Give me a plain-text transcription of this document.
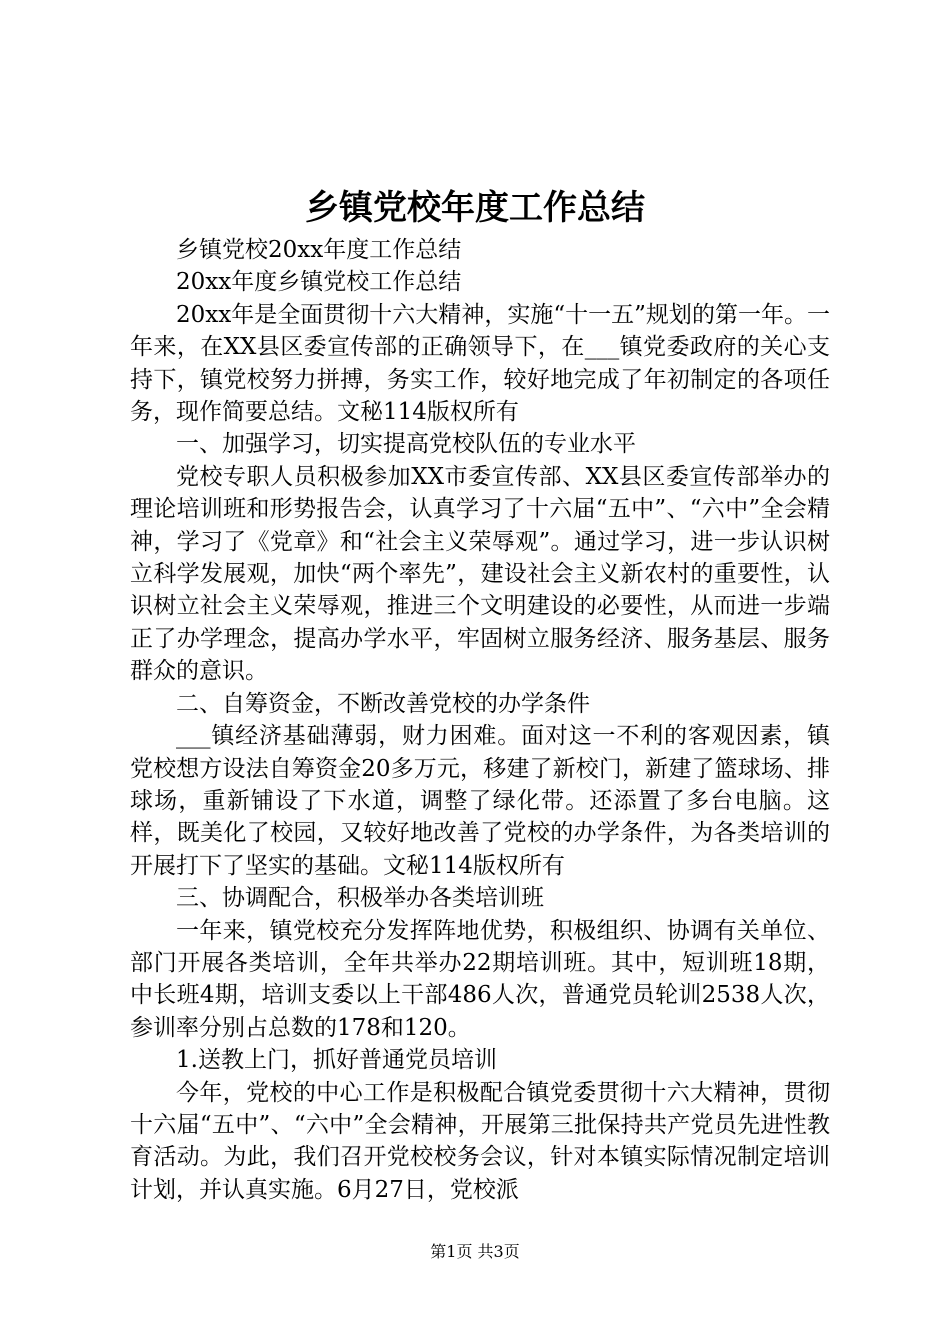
乡镇党校年度工作总结

乡镇党校20xx年度工作总结

20xx年度乡镇党校工作总结

20xx年是全面贯彻十六大精神，实施“十一五”规划的第一年。一年来，在XX县区委宣传部的正确领导下，在___镇党委政府的关心支持下，镇党校努力拼搏，务实工作，较好地完成了年初制定的各项任务，现作简要总结。文秘114版权所有

一、加强学习，切实提高党校队伍的专业水平

党校专职人员积极参加XX市委宣传部、XX县区委宣传部举办的理论培训班和形势报告会，认真学习了十六届“五中”、“六中”全会精神，学习了《党章》和“社会主义荣辱观”。通过学习，进一步认识树立科学发展观，加快“两个率先”，建设社会主义新农村的重要性，认识树立社会主义荣辱观，推进三个文明建设的必要性，从而进一步端正了办学理念，提高办学水平，牢固树立服务经济、服务基层、服务群众的意识。

二、自筹资金，不断改善党校的办学条件

___镇经济基础薄弱，财力困难。面对这一不利的客观因素，镇党校想方设法自筹资金20多万元，移建了新校门，新建了篮球场、排球场，重新铺设了下水道，调整了绿化带。还添置了多台电脑。这样，既美化了校园，又较好地改善了党校的办学条件，为各类培训的开展打下了坚实的基础。文秘114版权所有

三、协调配合，积极举办各类培训班

一年来，镇党校充分发挥阵地优势，积极组织、协调有关单位、部门开展各类培训，全年共举办22期培训班。其中，短训班18期，中长班4期，培训支委以上干部486人次，普通党员轮训2538人次，参训率分别占总数的178和120。

1.送教上门，抓好普通党员培训

今年，党校的中心工作是积极配合镇党委贯彻十六大精神，贯彻十六届“五中”、“六中”全会精神，开展第三批保持共产党员先进性教育活动。为此，我们召开党校校务会议，针对本镇实际情况制定培训计划，并认真实施。6月27日，党校派

第1页 共3页
